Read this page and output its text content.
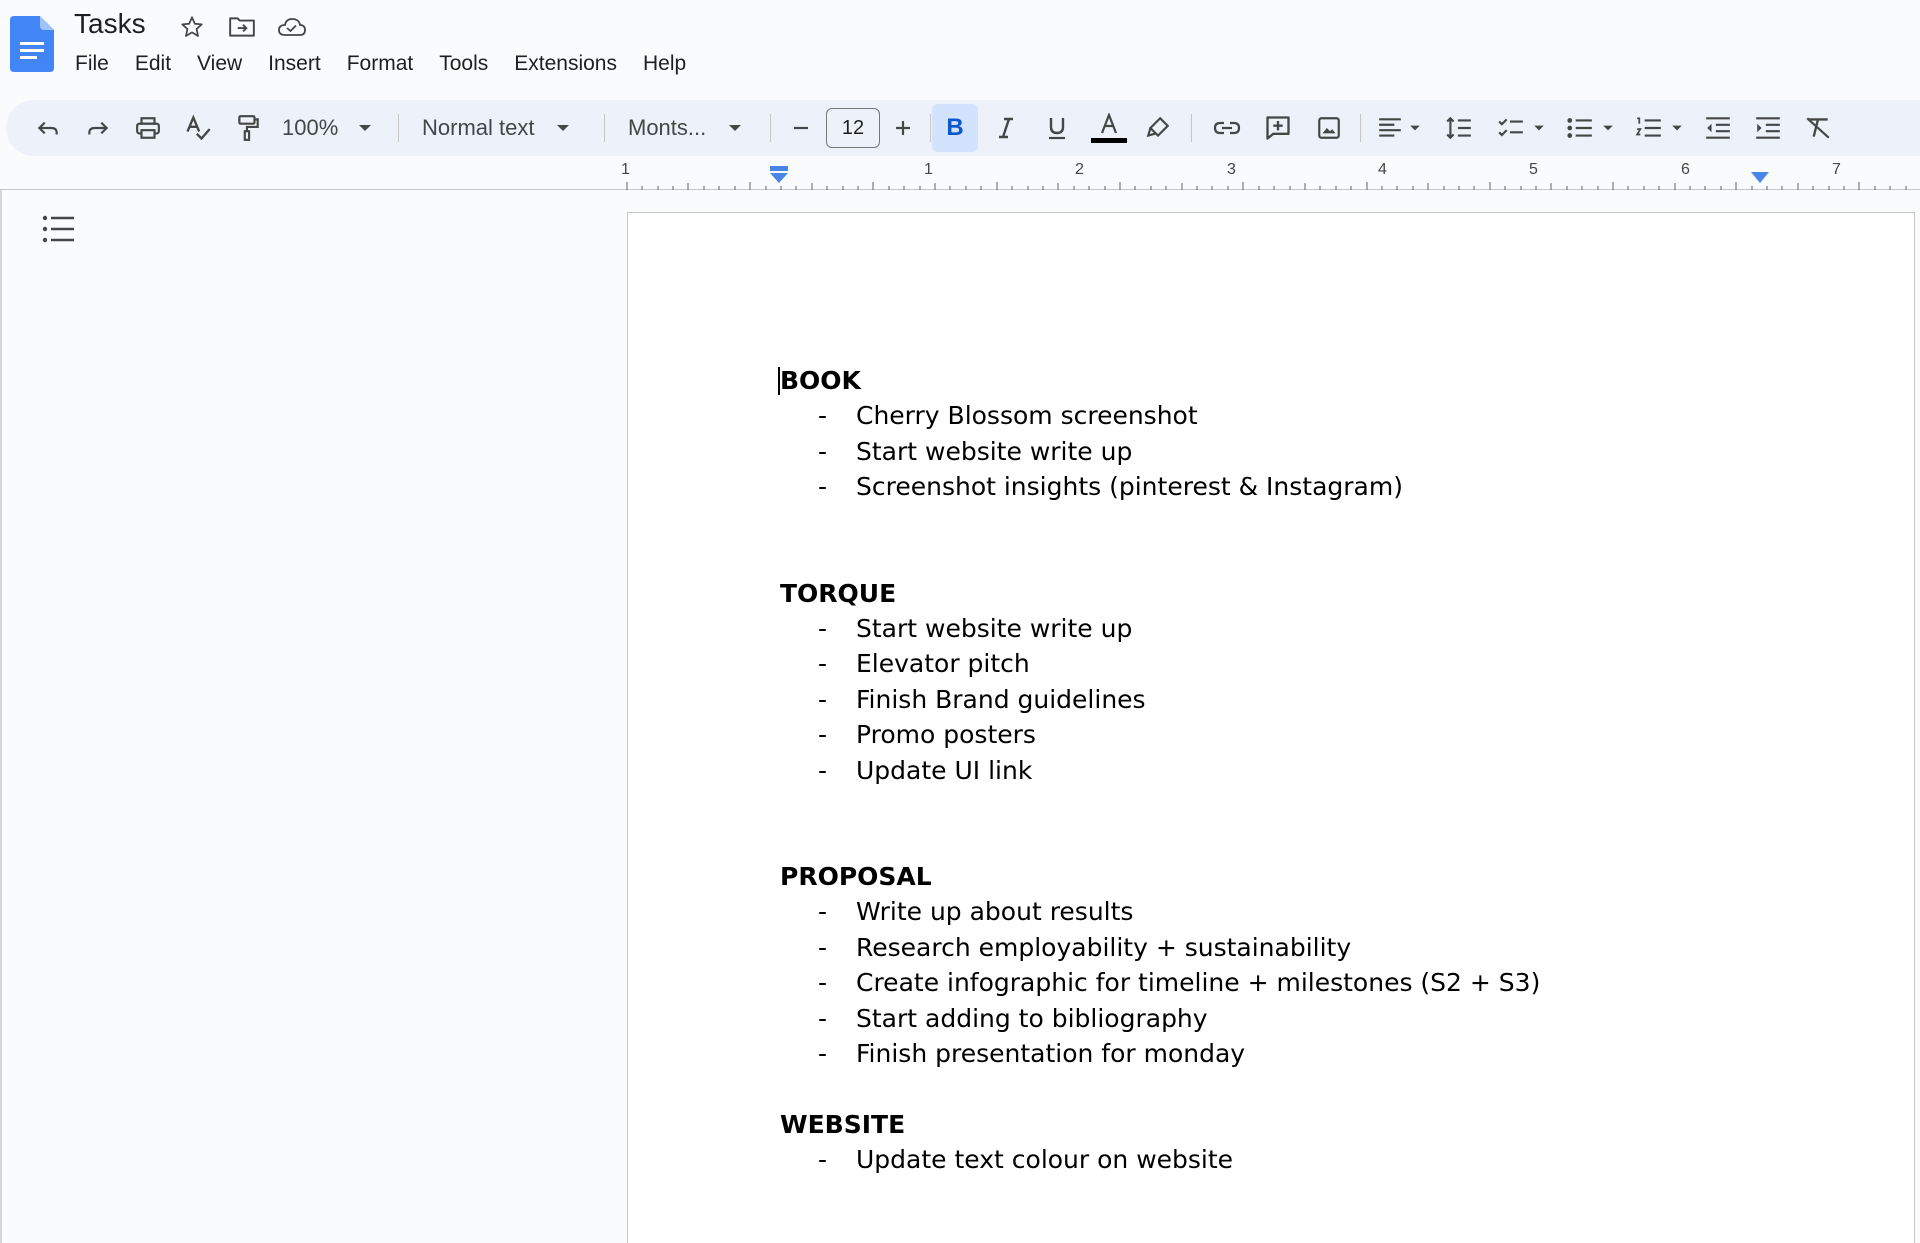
Tasks
File	Edit	View	Insert	Format	Tools	Extensions	Help
100%	Normal text	Monts...	12	B
1	1	2	3	4	5	6	7
BOOK
- Cherry Blossom screenshot
- Start website write up
- Screenshot insights (pinterest & Instagram)
TORQUE
- Start website write up
- Elevator pitch
- Finish Brand guidelines
- Promo posters
- Update UI link
PROPOSAL
- Write up about results
- Research employability + sustainability
- Create infographic for timeline + milestones (S2 + S3)
- Start adding to bibliography
- Finish presentation for monday
WEBSITE
- Update text colour on website
